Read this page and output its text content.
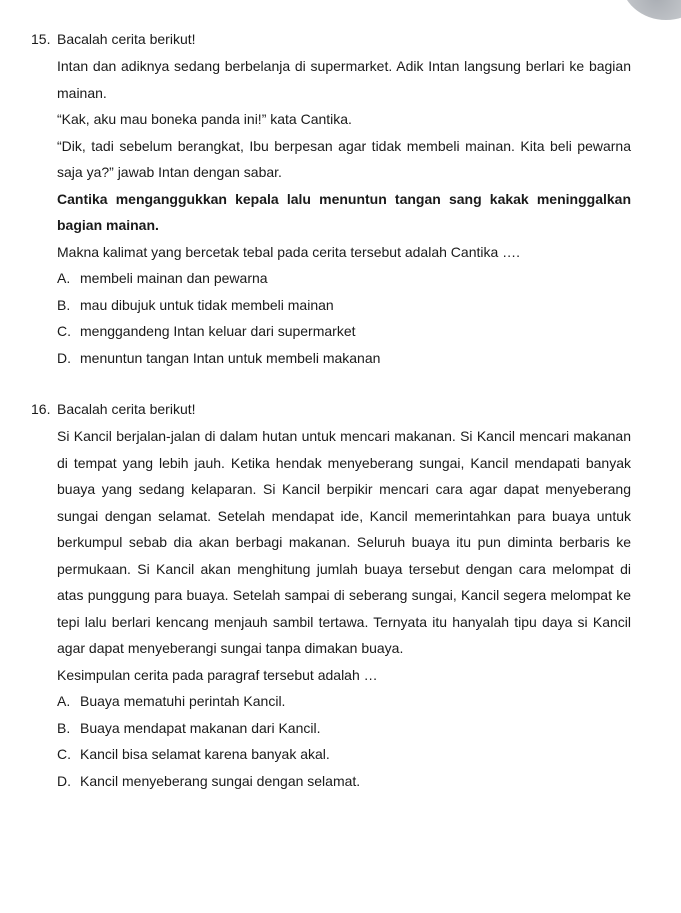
15. Bacalah cerita berikut!

Intan dan adiknya sedang berbelanja di supermarket. Adik Intan langsung berlari ke bagian mainan.

“Kak, aku mau boneka panda ini!” kata Cantika.

“Dik, tadi sebelum berangkat, Ibu berpesan agar tidak membeli mainan. Kita beli pewarna saja ya?” jawab Intan dengan sabar.

Cantika menganggukkan kepala lalu menuntun tangan sang kakak meninggalkan bagian mainan.

Makna kalimat yang bercetak tebal pada cerita tersebut adalah Cantika ….
A. membeli mainan dan pewarna
B. mau dibujuk untuk tidak membeli mainan
C. menggandeng Intan keluar dari supermarket
D. menuntun tangan Intan untuk membeli makanan
16. Bacalah cerita berikut!

Si Kancil berjalan-jalan di dalam hutan untuk mencari makanan. Si Kancil mencari makanan di tempat yang lebih jauh. Ketika hendak menyeberang sungai, Kancil mendapati banyak buaya yang sedang kelaparan. Si Kancil berpikir mencari cara agar dapat menyeberang sungai dengan selamat. Setelah mendapat ide, Kancil memerintahkan para buaya untuk berkumpul sebab dia akan berbagi makanan. Seluruh buaya itu pun diminta berbaris ke permukaan. Si Kancil akan menghitung jumlah buaya tersebut dengan cara melompat di atas punggung para buaya. Setelah sampai di seberang sungai, Kancil segera melompat ke tepi lalu berlari kencang menjauh sambil tertawa. Ternyata itu hanyalah tipu daya si Kancil agar dapat menyeberangi sungai tanpa dimakan buaya.

Kesimpulan cerita pada paragraf tersebut adalah …
A. Buaya mematuhi perintah Kancil.
B. Buaya mendapat makanan dari Kancil.
C. Kancil bisa selamat karena banyak akal.
D. Kancil menyeberang sungai dengan selamat.
